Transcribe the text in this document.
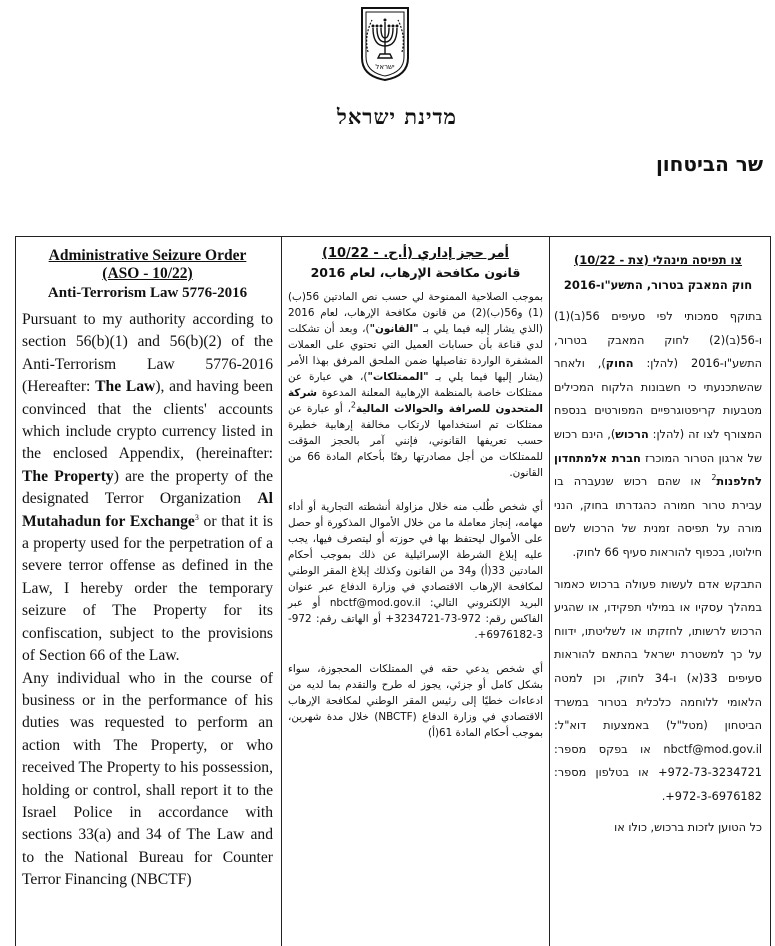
ישראל
מדינת ישראל
שר הביטחון

Administrative Seizure Order

(ASO - 10/22)

Anti-Terrorism Law 5776-2016

Pursuant to my authority according to section 56(b)(1) and 56(b)(2) of the Anti-Terrorism Law 5776-2016 (Hereafter: The Law), and having been convinced that the clients' accounts which include crypto currency listed in the enclosed Appendix, (hereinafter: The Property) are the property of the designated Terror Organization Al Mutahadun for Exchange$^3$ or that it is a property used for the perpetration of a severe terror offense as defined in the Law, I hereby order the temporary seizure of The Property for its confiscation, subject to the provisions of Section 66 of the Law.

Any individual who in the course of business or in the performance of his duties was requested to perform an action with The Property, or who received The Property to his possession, holding or control, shall report it to the Israel Police in accordance with sections 33(a) and 34 of The Law and to the National Bureau for Counter Terror Financing (NBCTF)

أمر حجز إداري (أ.ح. - 10/22)

قانون مكافحة الإرهاب، لعام 2016

بموجب الصلاحية الممنوحة لي حسب نص المادتين 56(ب)(1) و56(ب)(2) من قانون مكافحة الإرهاب، لعام 2016 (الذي يشار إليه فيما يلي بـ "القانون")، وبعد أن تشكلت لدي قناعة بأن حسابات العميل التي تحتوي على العملات المشفرة الواردة تفاصيلها ضمن الملحق المرفق بهذا الأمر (يشار إليها فيما يلي بـ "الممتلكات")، هي عبارة عن ممتلكات خاصة بالمنظمة الإرهابية المعلنة المدعوة شركة المتحدون للصرافة والحوالات المالية$^2$، أو عبارة عن ممتلكات تم استخدامها لارتكاب مخالفة إرهابية خطيرة حسب تعريفها القانوني، فإنني آمر بالحجز المؤقت للممتلكات من أجل مصادرتها رهنًا بأحكام المادة 66 من القانون.

أي شخص طُلب منه خلال مزاولة أنشطته التجارية أو أداء مهامه، إنجاز معاملة ما من خلال الأموال المذكورة أو حصل على الأموال ليحتفظ بها في حوزته أو ليتصرف فيها، يجب عليه إبلاغ الشرطة الإسرائيلية عن ذلك بموجب أحكام المادتين 33(أ) و34 من القانون وكذلك إبلاغ المقر الوطني لمكافحة الإرهاب الاقتصادي في وزارة الدفاع عبر عنوان البريد الإلكتروني التالي: nbctf@mod.gov.il أو عبر الفاكس رقم: 972-73-3234721+ أو الهاتف رقم: 972-3-6976182+.

أي شخص يدعي حقه في الممتلكات المحجوزة، سواء بشكل كامل أو جزئي، يجوز له طرح والتقدم بما لديه من ادعاءات خطيًا إلى رئيس المقر الوطني لمكافحة الإرهاب الاقتصادي في وزارة الدفاع (NBCTF) خلال مدة شهرين، بموجب أحكام المادة 61(أ)

צו תפיסה מינהלי (צת - 10/22)

חוק המאבק בטרור, התשע"ו-2016

בתוקף סמכותי לפי סעיפים 56(ב)(1) ו-56(ב)(2) לחוק המאבק בטרור, התשע"ו-2016 (להלן: החוק), ולאחר שהשתכנעתי כי חשבונות הלקוח המכילים מטבעות קריפטוגרפיים המפורטים בנספח המצורף לצו זה (להלן: הרכוש), הינם רכוש של ארגון הטרור המוכרז חברת אלמתחדון לחלפנות$^2$ או שהם רכוש שנעברה בו עבירת טרור חמורה כהגדרתו בחוק, הנני מורה על תפיסה זמנית של הרכוש לשם חילוטו, בכפוף להוראות סעיף 66 לחוק.

התבקש אדם לעשות פעולה ברכוש כאמור במהלך עסקיו או במילוי תפקידו, או שהגיע הרכוש לרשותו, לחזקתו או לשליטתו, ידווח על כך למשטרת ישראל בהתאם להוראות סעיפים 33(א) ו-34 לחוק, וכן למטה הלאומי ללוחמה כלכלית בטרור במשרד הביטחון (מטל"ל) באמצעות דוא"ל: nbctf@mod.gov.il או בפקס מספר: 972-73-3234721+ או בטלפון מספר: 972-3-6976182+.

כל הטוען לזכות ברכוש, כולו או
